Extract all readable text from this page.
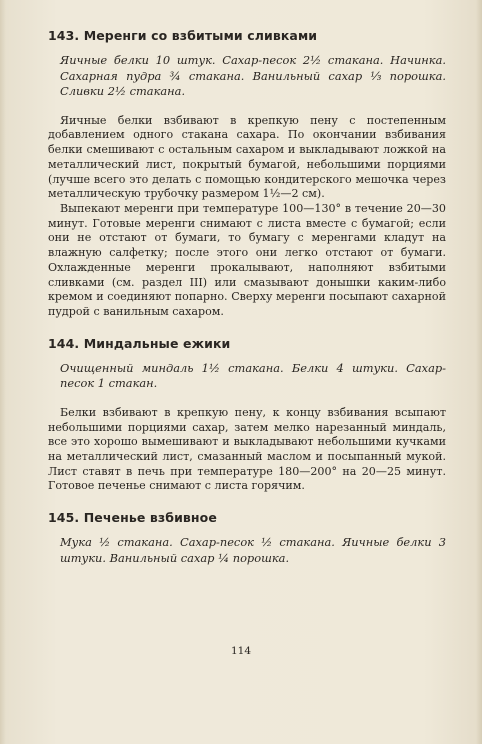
143. Меренги со взбитыми сливками

Яичные белки 10 штук. Сахар-песок 2½ стакана. Начинка. Сахарная пудра ¾ стакана. Ванильный сахар ⅓ порошка. Сливки 2½ стакана.

Яичные белки взбивают в крепкую пену с постепенным добавлением одного стакана сахара. По окончании взбивания белки смешивают с остальным сахаром и выкладывают ложкой на металлический лист, покрытый бумагой, небольшими порциями (лучше всего это делать с помощью кондитерского мешочка через металлическую трубочку размером 1½—2 см).

Выпекают меренги при температуре 100—130° в течение 20—30 минут. Готовые меренги снимают с листа вместе с бумагой; если они не отстают от бумаги, то бумагу с меренгами кладут на влажную салфетку; после этого они легко отстают от бумаги. Охлажденные меренги прокалывают, наполняют взбитыми сливками (см. раздел III) или смазывают донышки каким-либо кремом и соединяют попарно. Сверху меренги посыпают сахарной пудрой с ванильным сахаром.

144. Миндальные ежики

Очищенный миндаль 1½ стакана. Белки 4 штуки. Сахар-песок 1 стакан.

Белки взбивают в крепкую пену, к концу взбивания всыпают небольшими порциями сахар, затем мелко нарезанный миндаль, все это хорошо вымешивают и выкладывают небольшими кучками на металлический лист, смазанный маслом и посыпанный мукой. Лист ставят в печь при температуре 180—200° на 20—25 минут. Готовое печенье снимают с листа горячим.

145. Печенье взбивное

Мука ½ стакана. Сахар-песок ½ стакана. Яичные белки 3 штуки. Ванильный сахар ¼ порошка.

114
